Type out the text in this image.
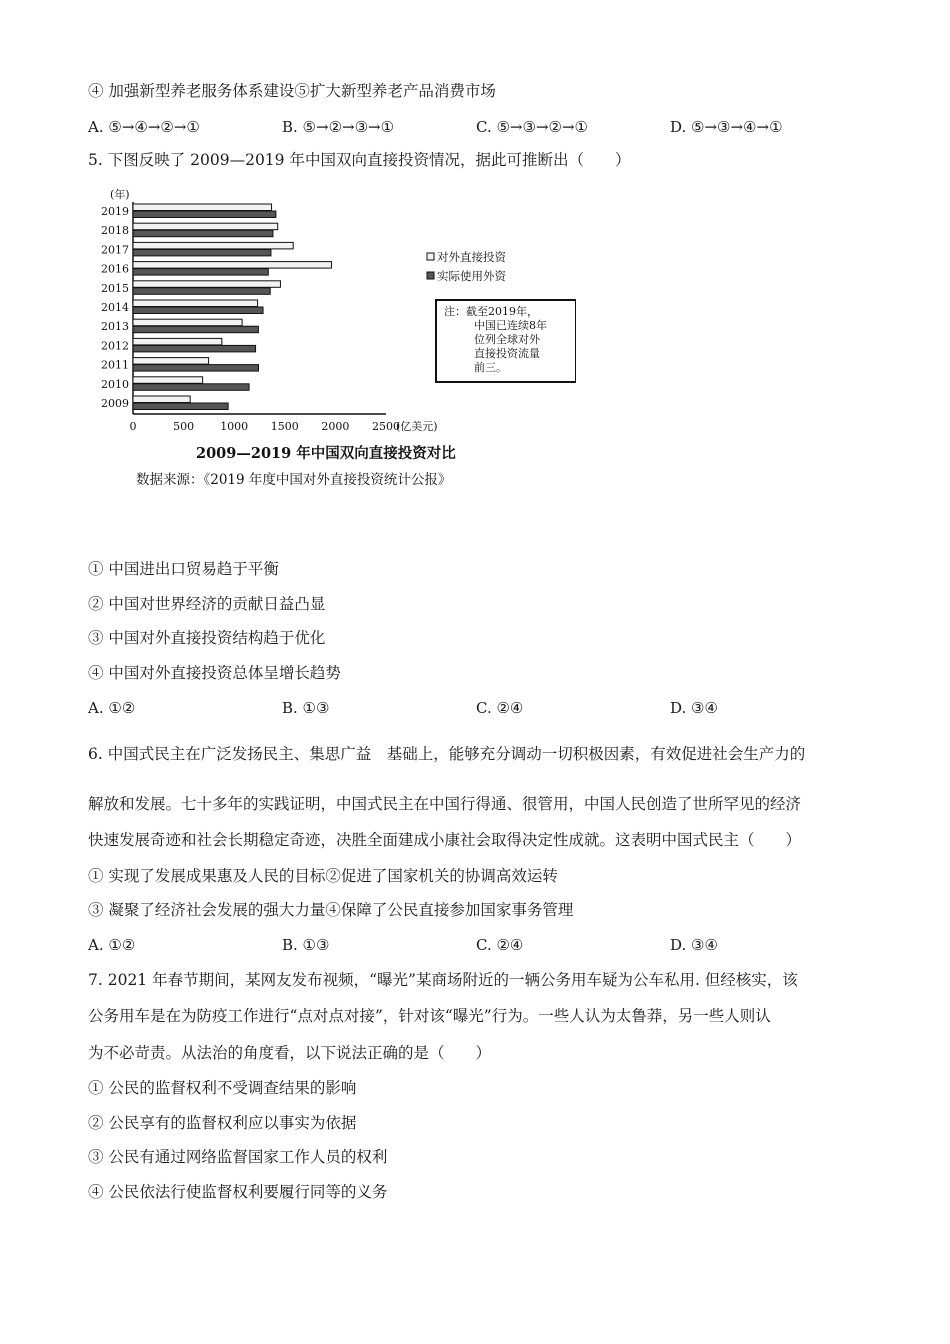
④ 加强新型养老服务体系建设⑤扩大新型养老产品消费市场
A. ⑤→④→②→①	B. ⑤→②→③→①	C. ⑤→③→②→①	D. ⑤→③→④→①
5. 下图反映了 2009—2019 年中国双向直接投资情况，据此可推断出（　　）
(年)
2019
2018
2017
2016
2015
2014
2013
2012
2011
2010
2009
0	500 1000 1500 2000 2500
(亿美元)
对外直接投资
实际使用外资
注：截至2019年，
中国已连续8年
位列全球对外
直接投资流量
前三。
2009—2019 年中国双向直接投资对比
数据来源：《2019 年度中国对外直接投资统计公报》
① 中国进出口贸易趋于平衡
② 中国对世界经济的贡献日益凸显
③ 中国对外直接投资结构趋于优化
④ 中国对外直接投资总体呈增长趋势
A. ①②	B. ①③	C. ②④	D. ③④
6. 中国式民主在广泛发扬民主、集思广益　基础上，能够充分调动一切积极因素，有效促进社会生产力的
解放和发展。七十多年的实践证明，中国式民主在中国行得通、很管用，中国人民创造了世所罕见的经济
快速发展奇迹和社会长期稳定奇迹，决胜全面建成小康社会取得决定性成就。这表明中国式民主（　　）
① 实现了发展成果惠及人民的目标②促进了国家机关的协调高效运转
③ 凝聚了经济社会发展的强大力量④保障了公民直接参加国家事务管理
A. ①②	B. ①③	C. ②④	D. ③④
7. 2021 年春节期间，某网友发布视频，“曝光”某商场附近的一辆公务用车疑为公车私用. 但经核实，该
公务用车是在为防疫工作进行“点对点对接”，针对该“曝光”行为。一些人认为太鲁莽，另一些人则认
为不必苛责。从法治的角度看，以下说法正确的是（　　）
① 公民的监督权利不受调查结果的影响
② 公民享有的监督权利应以事实为依据
③ 公民有通过网络监督国家工作人员的权利
④ 公民依法行使监督权利要履行同等的义务
